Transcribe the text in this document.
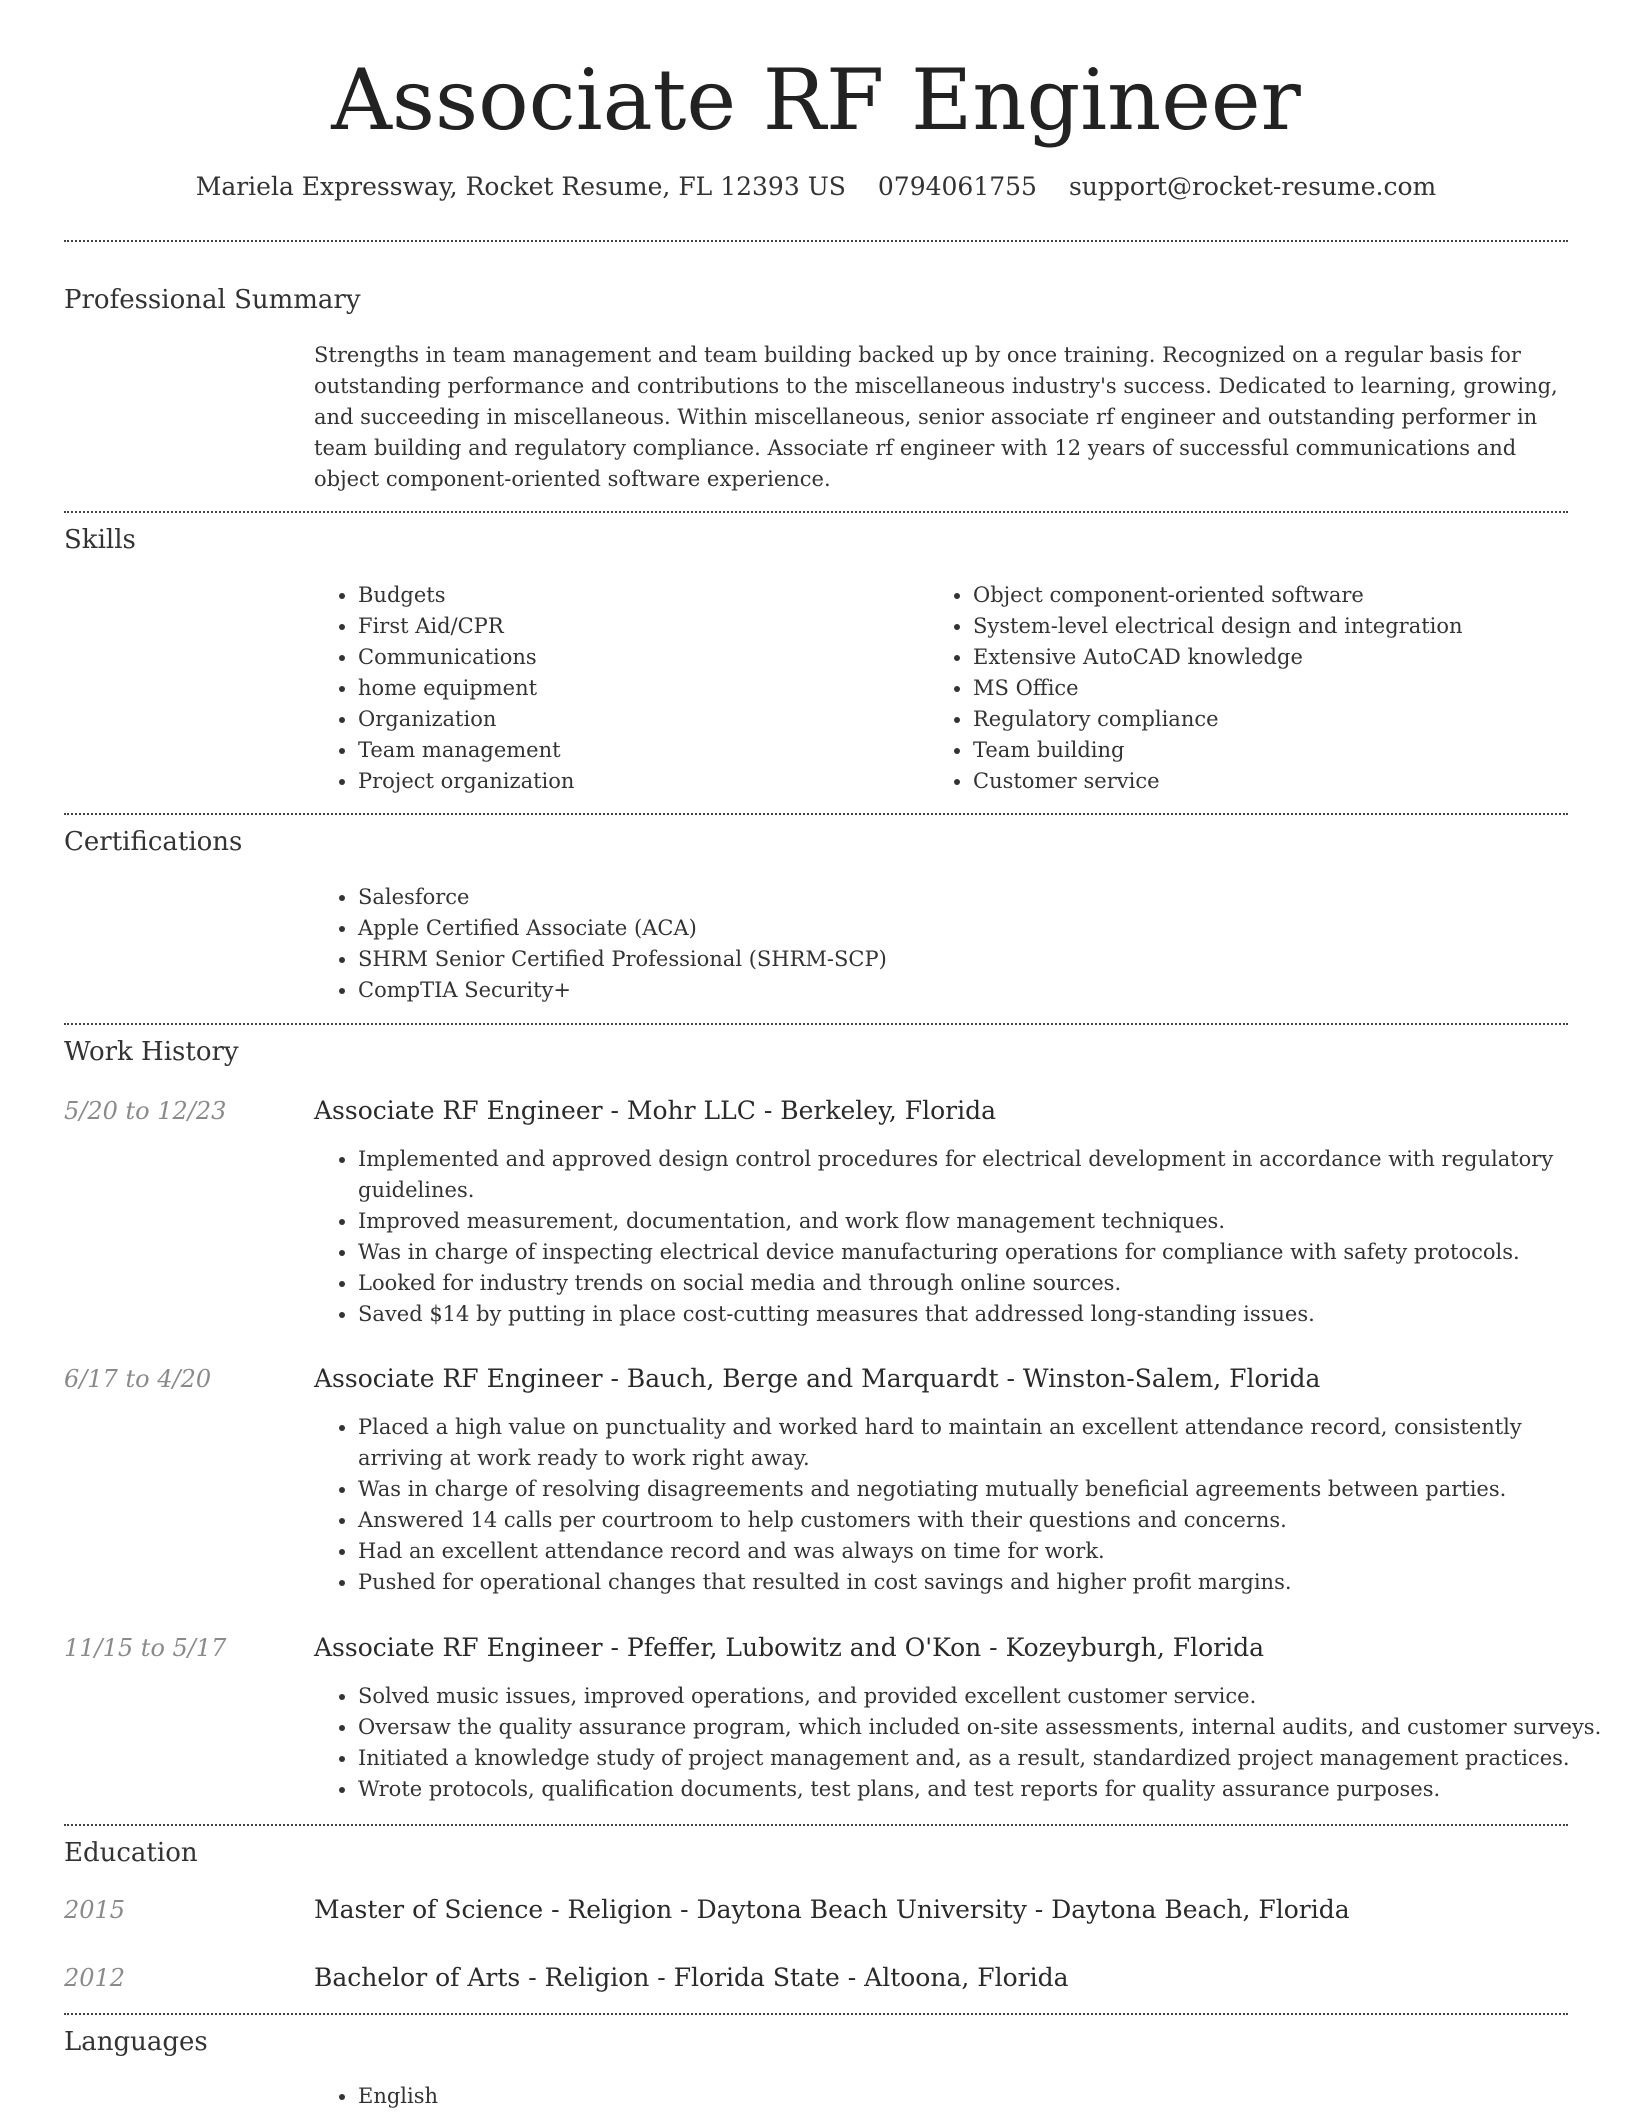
Associate RF Engineer
Mariela Expressway, Rocket Resume, FL 12393 US 0794061755 support@rocket-resume.com
Professional Summary
Strengths in team management and team building backed up by once training. Recognized on a regular basis for outstanding performance and contributions to the miscellaneous industry's success. Dedicated to learning, growing, and succeeding in miscellaneous. Within miscellaneous, senior associate rf engineer and outstanding performer in team building and regulatory compliance. Associate rf engineer with 12 years of successful communications and object component-oriented software experience.
Skills
• Budgets
• First Aid/CPR
• Communications
• home equipment
• Organization
• Team management
• Project organization
• Object component-oriented software
• System-level electrical design and integration
• Extensive AutoCAD knowledge
• MS Office
• Regulatory compliance
• Team building
• Customer service
Certifications
• Salesforce
• Apple Certified Associate (ACA)
• SHRM Senior Certified Professional (SHRM-SCP)
• CompTIA Security+
Work History
5/20 to 12/23	Associate RF Engineer - Mohr LLC - Berkeley, Florida
• Implemented and approved design control procedures for electrical development in accordance with regulatory guidelines.
• Improved measurement, documentation, and work flow management techniques.
• Was in charge of inspecting electrical device manufacturing operations for compliance with safety protocols.
• Looked for industry trends on social media and through online sources.
• Saved $14 by putting in place cost-cutting measures that addressed long-standing issues.
6/17 to 4/20	Associate RF Engineer - Bauch, Berge and Marquardt - Winston-Salem, Florida
• Placed a high value on punctuality and worked hard to maintain an excellent attendance record, consistently arriving at work ready to work right away.
• Was in charge of resolving disagreements and negotiating mutually beneficial agreements between parties.
• Answered 14 calls per courtroom to help customers with their questions and concerns.
• Had an excellent attendance record and was always on time for work.
• Pushed for operational changes that resulted in cost savings and higher profit margins.
11/15 to 5/17	Associate RF Engineer - Pfeffer, Lubowitz and O'Kon - Kozeyburgh, Florida
• Solved music issues, improved operations, and provided excellent customer service.
• Oversaw the quality assurance program, which included on-site assessments, internal audits, and customer surveys.
• Initiated a knowledge study of project management and, as a result, standardized project management practices.
• Wrote protocols, qualification documents, test plans, and test reports for quality assurance purposes.
Education
2015	Master of Science - Religion - Daytona Beach University - Daytona Beach, Florida
2012	Bachelor of Arts - Religion - Florida State - Altoona, Florida
Languages
• English
